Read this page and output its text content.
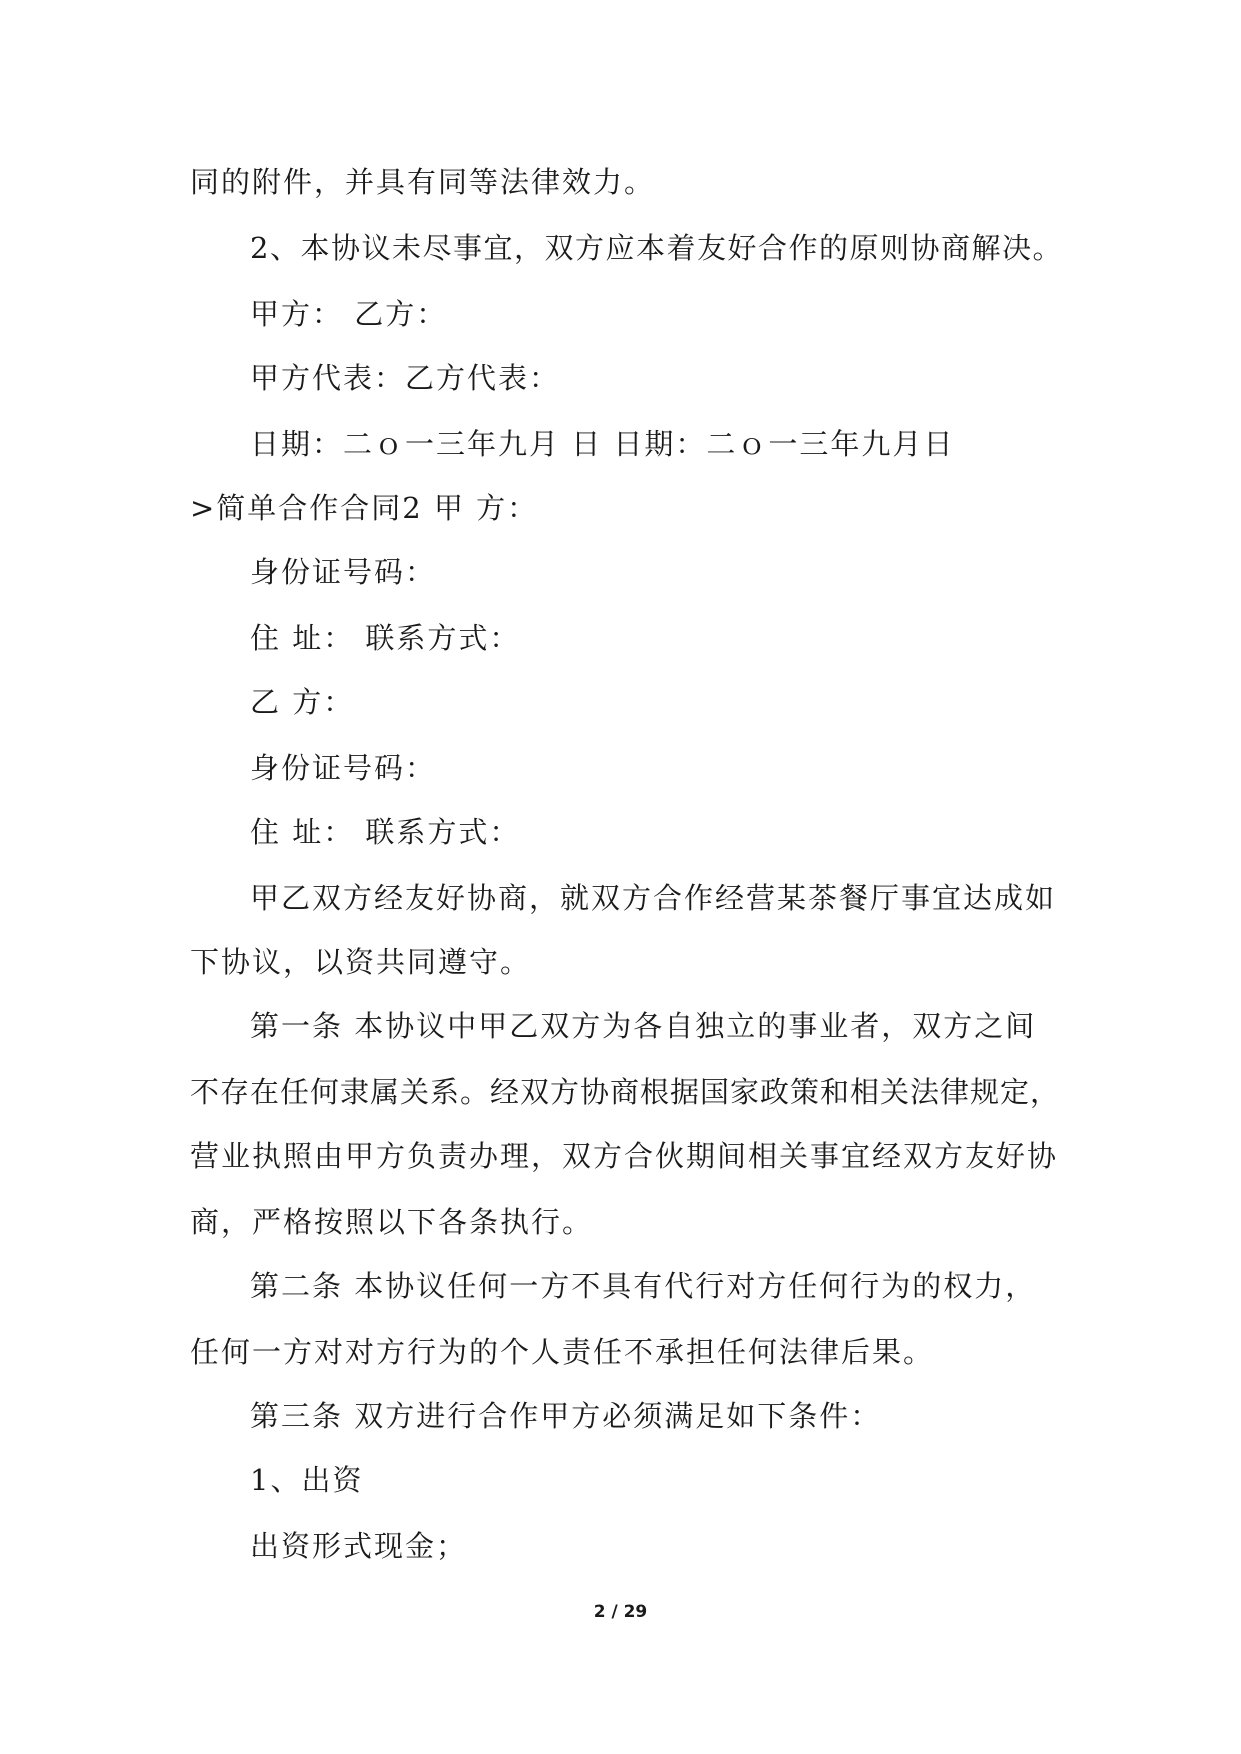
同的附件，并具有同等法律效力。
2、本协议未尽事宜，双方应本着友好合作的原则协商解决。
甲方： 乙方：
甲方代表：乙方代表：
日期：二ｏ一三年九月 日 日期：二ｏ一三年九月日
>简单合作合同2 甲 方：
身份证号码：
住 址： 联系方式：
乙 方：
身份证号码：
住 址： 联系方式：
甲乙双方经友好协商，就双方合作经营某茶餐厅事宜达成如
下协议，以资共同遵守。
第一条 本协议中甲乙双方为各自独立的事业者，双方之间
不存在任何隶属关系。经双方协商根据国家政策和相关法律规定，
营业执照由甲方负责办理，双方合伙期间相关事宜经双方友好协
商，严格按照以下各条执行。
第二条 本协议任何一方不具有代行对方任何行为的权力，
任何一方对对方行为的个人责任不承担任何法律后果。
第三条 双方进行合作甲方必须满足如下条件：
1、出资
出资形式现金；
2 / 29
